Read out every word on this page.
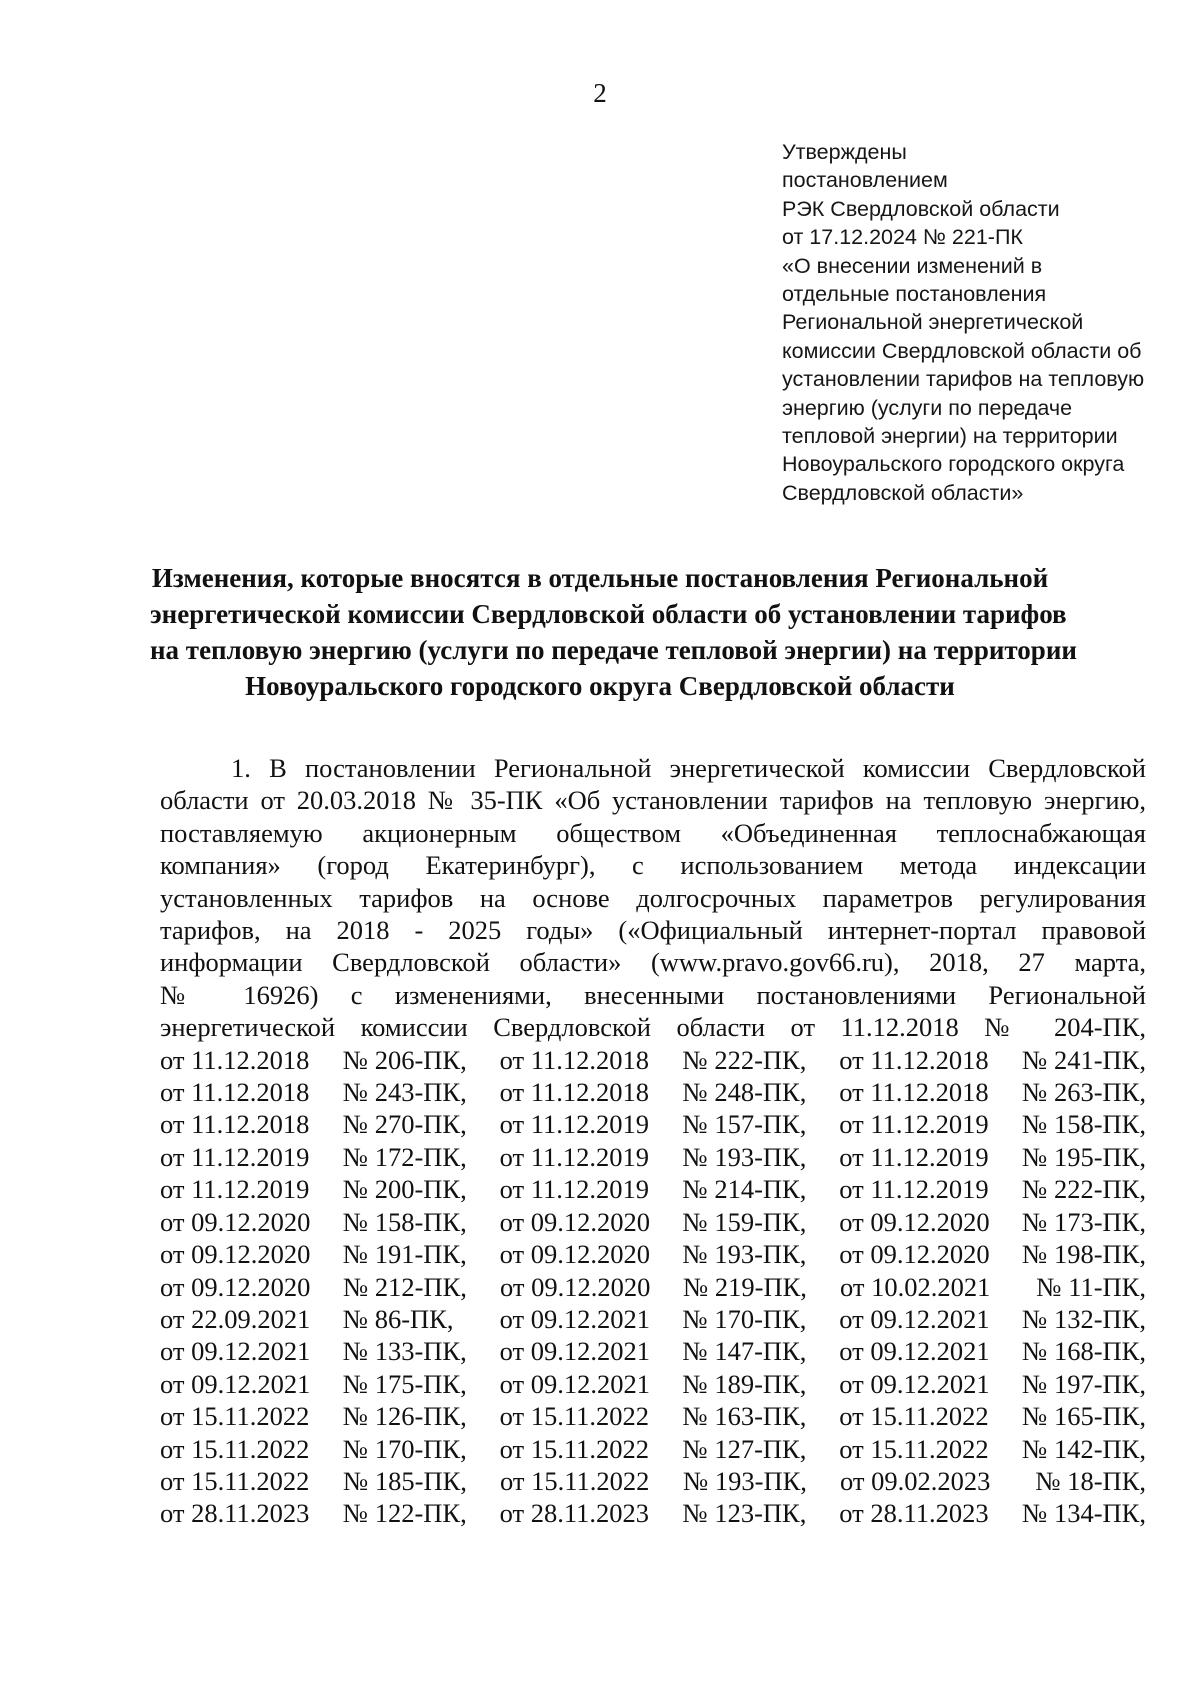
2
Утверждены
постановлением
РЭК Свердловской области
от 17.12.2024 № 221-ПК
«О внесении изменений в
отдельные постановления
Региональной энергетической
комиссии Свердловской области об
установлении тарифов на тепловую
энергию (услуги по передаче
тепловой энергии) на территории
Новоуральского городского округа
Свердловской области»
Изменения, которые вносятся в отдельные постановления Региональной
энергетической комиссии Свердловской области об установлении тарифов
на тепловую энергию (услуги по передаче тепловой энергии) на территории
Новоуральского городского округа Свердловской области
1. В постановлении Региональной энергетической комиссии Свердловской
области от 20.03.2018 № 35-ПК «Об установлении тарифов на тепловую энергию,
поставляемую акционерным обществом «Объединенная теплоснабжающая
компания» (город Екатеринбург), с использованием метода индексации
установленных тарифов на основе долгосрочных параметров регулирования
тарифов, на 2018 - 2025 годы» («Официальный интернет-портал правовой
информации Свердловской области» (www.pravo.gov66.ru), 2018, 27 марта,
№ 16926) с изменениями, внесенными постановлениями Региональной
энергетической комиссии Свердловской области от 11.12.2018 № 204-ПК,
от 11.12.2018	№ 206-ПК,	от 11.12.2018	№ 222-ПК,	от 11.12.2018	№ 241-ПК,
от 11.12.2018	№ 243-ПК,	от 11.12.2018	№ 248-ПК,	от 11.12.2018	№ 263-ПК,
от 11.12.2018	№ 270-ПК,	от 11.12.2019	№ 157-ПК,	от 11.12.2019	№ 158-ПК,
от 11.12.2019	№ 172-ПК,	от 11.12.2019	№ 193-ПК,	от 11.12.2019	№ 195-ПК,
от 11.12.2019	№ 200-ПК,	от 11.12.2019	№ 214-ПК,	от 11.12.2019	№ 222-ПК,
от 09.12.2020	№ 158-ПК,	от 09.12.2020	№ 159-ПК,	от 09.12.2020	№ 173-ПК,
от 09.12.2020	№ 191-ПК,	от 09.12.2020	№ 193-ПК,	от 09.12.2020	№ 198-ПК,
от 09.12.2020	№ 212-ПК,	от 09.12.2020	№ 219-ПК,	от 10.02.2021	№ 11-ПК,
от 22.09.2021	№ 86-ПК,	от 09.12.2021	№ 170-ПК,	от 09.12.2021	№ 132-ПК,
от 09.12.2021	№ 133-ПК,	от 09.12.2021	№ 147-ПК,	от 09.12.2021	№ 168-ПК,
от 09.12.2021	№ 175-ПК,	от 09.12.2021	№ 189-ПК,	от 09.12.2021	№ 197-ПК,
от 15.11.2022	№ 126-ПК,	от 15.11.2022	№ 163-ПК,	от 15.11.2022	№ 165-ПК,
от 15.11.2022	№ 170-ПК,	от 15.11.2022	№ 127-ПК,	от 15.11.2022	№ 142-ПК,
от 15.11.2022	№ 185-ПК,	от 15.11.2022	№ 193-ПК,	от 09.02.2023	№ 18-ПК,
от 28.11.2023	№ 122-ПК,	от 28.11.2023	№ 123-ПК,	от 28.11.2023	№ 134-ПК,
